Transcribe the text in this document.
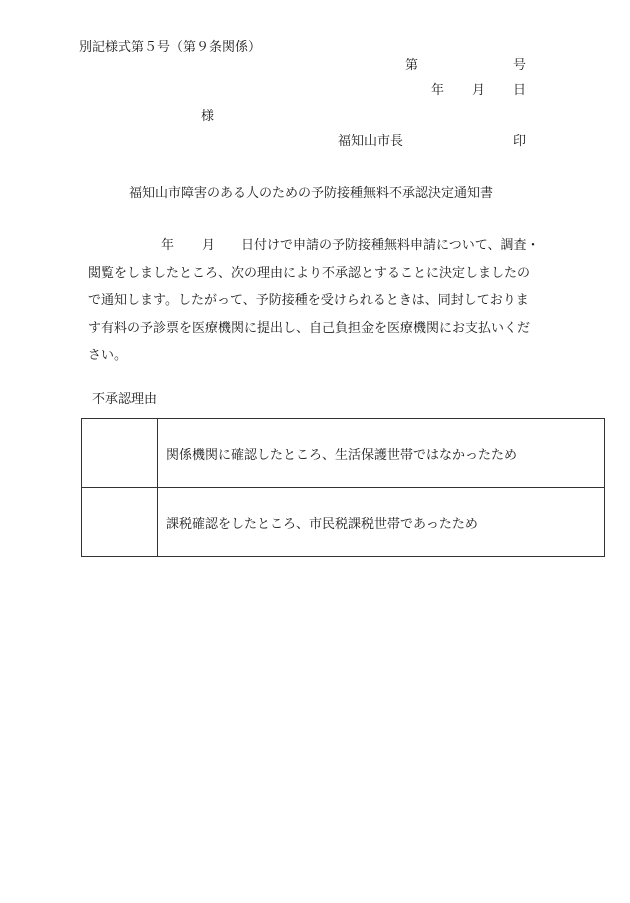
別記様式第５号（第９条関係）
第	号
年 月 日
様
福知山市長	印
福知山市障害のある人のための予防接種無料不承認決定通知書
年 月 日付けで申請の予防接種無料申請について、調査・
閲覧をしましたところ、次の理由により不承認とすることに決定しましたの
で通知します。したがって、予防接種を受けられるときは、同封しておりま
す有料の予診票を医療機関に提出し、自己負担金を医療機関にお支払いくだ
さい。
不承認理由
	関係機関に確認したところ、生活保護世帯ではなかったため
	課税確認をしたところ、市民税課税世帯であったため
